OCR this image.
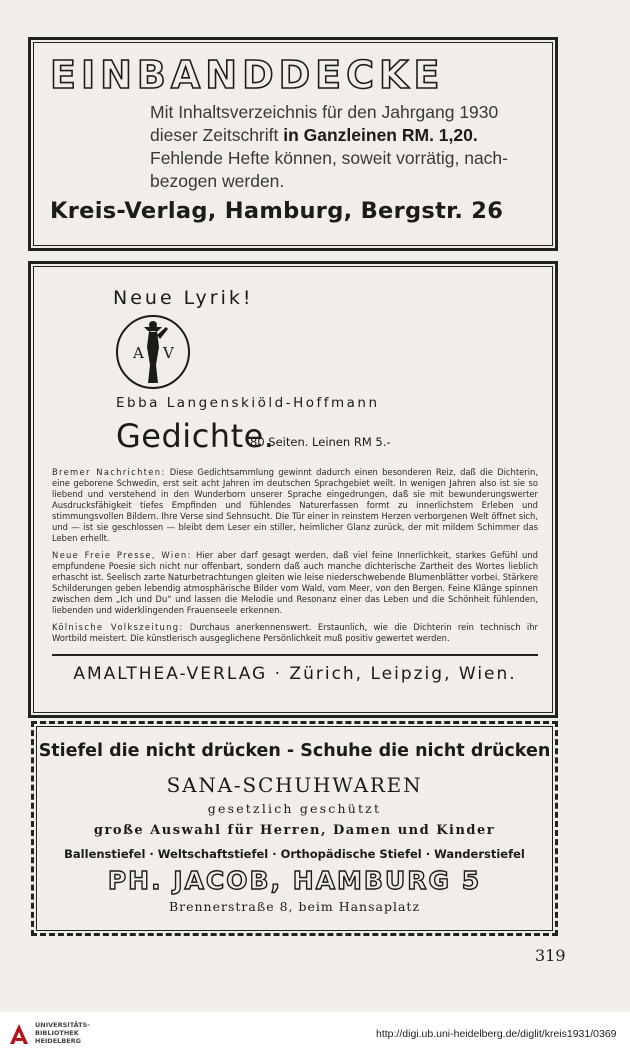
EINBANDDECKE
Mit Inhaltsverzeichnis für den Jahrgang 1930
dieser Zeitschrift in Ganzleinen RM. 1,20.
Fehlende Hefte können, soweit vorrätig, nach-
bezogen werden.
Kreis-Verlag, Hamburg, Bergstr. 26
Neue Lyrik!
A V
Ebba Langenskiöld-Hoffmann
Gedichte.
80 Seiten. Leinen RM 5.-

Bremer Nachrichten: Diese Gedichtsammlung gewinnt dadurch einen besonderen Reiz, daß die Dichterin, eine geborene Schwedin, erst seit acht Jahren im deutschen Sprachgebiet weilt. In wenigen Jahren also ist sie so liebend und verstehend in den Wunderborn unserer Sprache eingedrungen, daß sie mit bewunderungswerter Ausdrucksfähigkeit tiefes Empfinden und fühlendes Naturerfassen formt zu innerlichstem Erleben und stimmungsvollen Bildern. Ihre Verse sind Sehnsucht. Die Tür einer in reinstem Herzen verborgenen Welt öffnet sich, und — ist sie geschlossen — bleibt dem Leser ein stiller, heimlicher Glanz zurück, der mit mildem Schimmer das Leben erhellt.

Neue Freie Presse, Wien: Hier aber darf gesagt werden, daß viel feine Innerlichkeit, starkes Gefühl und empfundene Poesie sich nicht nur offenbart, sondern daß auch manche dichterische Zartheit des Wortes lieblich erhascht ist. Seelisch zarte Naturbetrachtungen gleiten wie leise niederschwebende Blumenblätter vorbei. Stärkere Schilderungen geben lebendig atmosphärische Bilder vom Wald, vom Meer, von den Bergen. Feine Klänge spinnen zwischen dem „Ich und Du“ und lassen die Melodie und Resonanz einer das Leben und die Schönheit fühlenden, liebenden und widerklingenden Frauenseele erkennen.

Kölnische Volkszeitung: Durchaus anerkennenswert. Erstaunlich, wie die Dichterin rein technisch ihr Wortbild meistert. Die künstlerisch ausgeglichene Persönlichkeit muß positiv gewertet werden.

AMALTHEA-VERLAG · Zürich, Leipzig, Wien.
Stiefel die nicht drücken - Schuhe die nicht drücken
SANA-SCHUHWAREN
gesetzlich geschützt
große Auswahl für Herren, Damen und Kinder
Ballenstiefel · Weltschaftstiefel · Orthopädische Stiefel · Wanderstiefel
PH. JACOB, HAMBURG 5
Brennerstraße 8, beim Hansaplatz
319
UNIVERSITÄTS-
BIBLIOTHEK
HEIDELBERG
http://digi.ub.uni-heidelberg.de/diglit/kreis1931/0369
